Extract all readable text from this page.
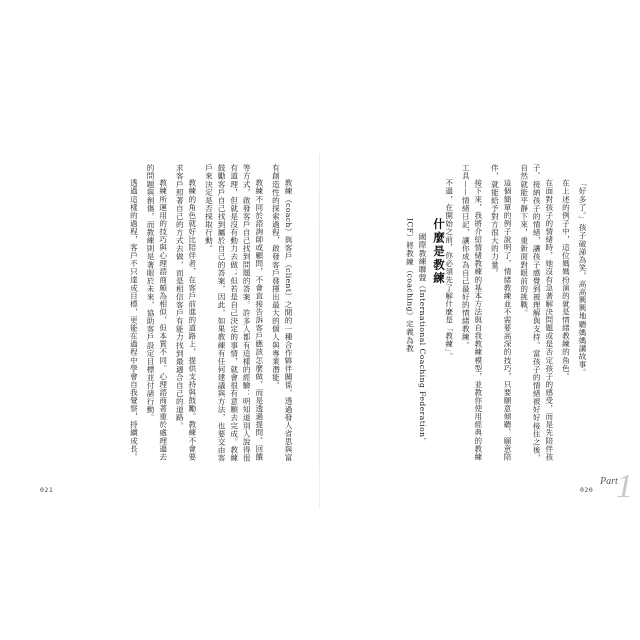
教練（coach）與客戶（client）之間的一種合作夥伴關係，透過發人省思與富有創造性的探索過程，啟發客戶發揮出最大的個人與專業潛能。

教練不同於諮詢師或顧問，不會直接告訴客戶應該怎麼做，而是透過提問、回饋等方式，啟發客戶自己找到問題的答案。許多人都有這樣的經驗：明知道別人說得很有道理，但就是沒有動力去做；但若是自己決定的事情，就會很有意願去完成。教練鼓勵客戶自己找到屬於自己的答案，因此，如果教練有任何建議與方法，也要交由客戶來決定是否採取行動。

教練的角色就好比陪伴者，在客戶前進的道路上，提供支持與鼓勵。教練不會要求客戶照著自己的方式去做，而是相信客戶有能力找到最適合自己的道路。

教練所運用的技巧與心理諮商頗為相似，但本質不同。心理諮商著重於處理過去的問題與創傷，而教練則是著眼於未來，協助客戶設定目標並付諸行動。

透過這樣的過程，客戶不只達成目標，更能在過程中學會自我覺察，持續成長。

021

「好多了。」孩子破涕為笑，高高興興地聽媽媽講故事。

在上述的例子中，這位媽媽扮演的就是情緒教練的角色。

在面對孩子的情緒時，她沒有急著解決問題或是否定孩子的感受，而是先陪伴孩子、接納孩子的情緒，讓孩子感覺到被理解與支持。當孩子的情緒被好好接住之後，自然就能平靜下來，重新面對眼前的挑戰。

這個簡單的例子說明了，情緒教練並不需要高深的技巧，只要願意傾聽、願意陪伴，就能給予對方很大的力量。

接下來，我將介紹情緒教練的基本方法與自我教練模型，並教你使用經典的教練工具——情緒日記，讓你成為自己最好的情緒教練。

不過，在開始之前，你必須先了解什麼是「教練」。

什麼是教練

國際教練聯盟（International Coaching Federation，ICF）將教練（coaching）定義為教

020
Part
1
